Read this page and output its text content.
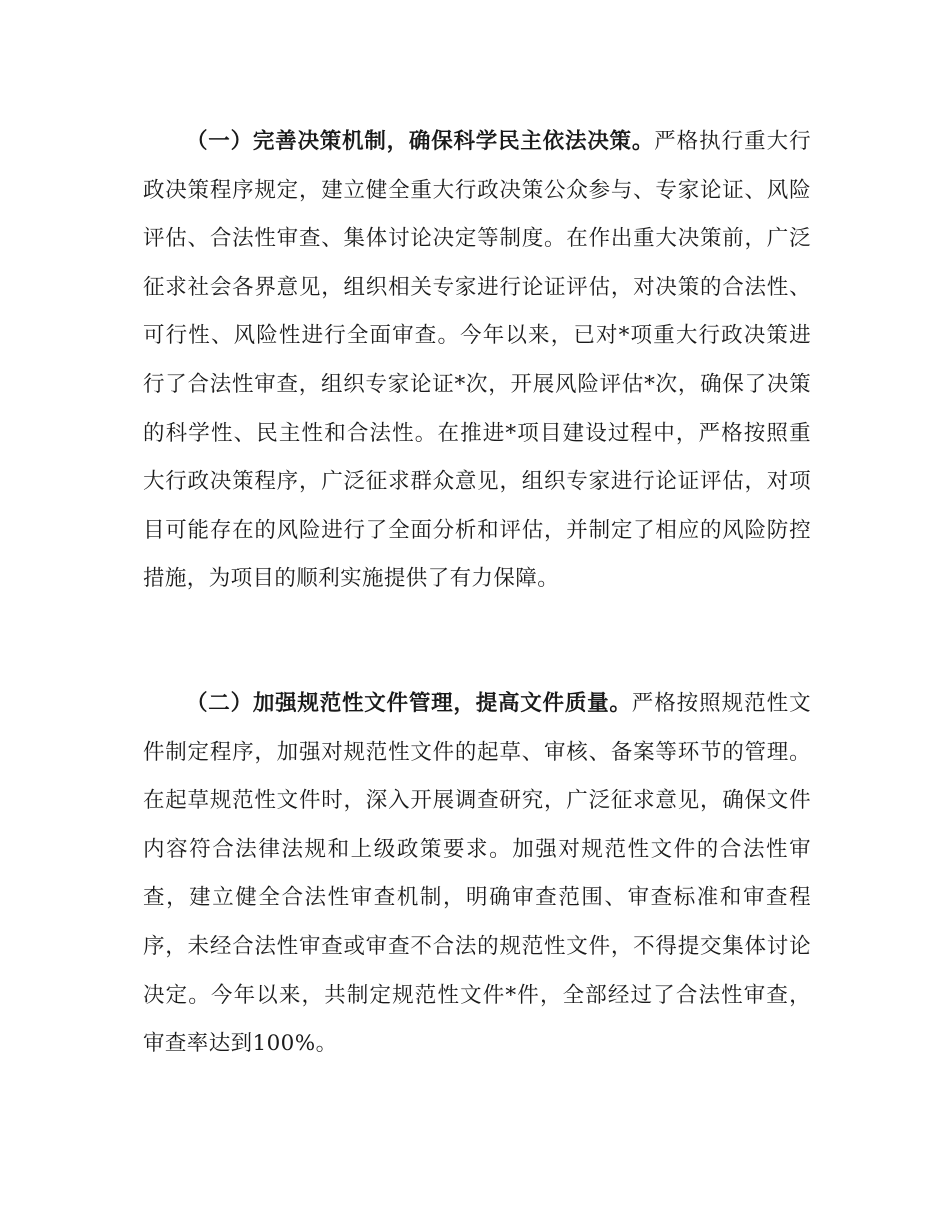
（一）完善决策机制，确保科学民主依法决策。严格执行重大行政决策程序规定，建立健全重大行政决策公众参与、专家论证、风险评估、合法性审查、集体讨论决定等制度。在作出重大决策前，广泛征求社会各界意见，组织相关专家进行论证评估，对决策的合法性、可行性、风险性进行全面审查。今年以来，已对*项重大行政决策进行了合法性审查，组织专家论证*次，开展风险评估*次，确保了决策的科学性、民主性和合法性。在推进*项目建设过程中，严格按照重大行政决策程序，广泛征求群众意见，组织专家进行论证评估，对项目可能存在的风险进行了全面分析和评估，并制定了相应的风险防控措施，为项目的顺利实施提供了有力保障。

（二）加强规范性文件管理，提高文件质量。严格按照规范性文件制定程序，加强对规范性文件的起草、审核、备案等环节的管理。在起草规范性文件时，深入开展调查研究，广泛征求意见，确保文件内容符合法律法规和上级政策要求。加强对规范性文件的合法性审查，建立健全合法性审查机制，明确审查范围、审查标准和审查程序，未经合法性审查或审查不合法的规范性文件，不得提交集体讨论决定。今年以来，共制定规范性文件*件，全部经过了合法性审查，审查率达到100%。
